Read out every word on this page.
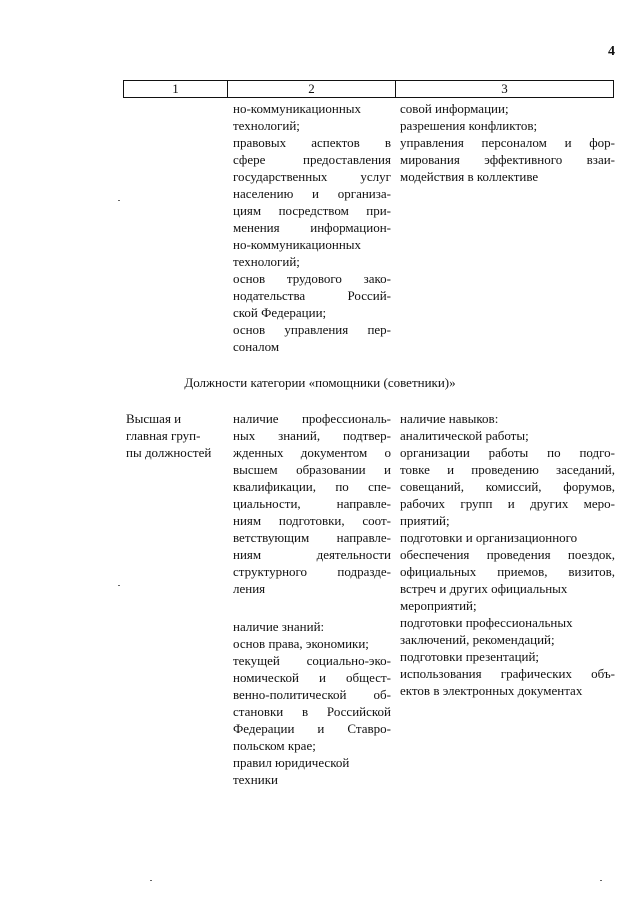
4
1	2	3
но-коммуникационных
технологий;
правовых аспектов в
сфере предоставления
государственных услуг
населению и организа-
циям посредством при-
менения информацион-
но-коммуникационных
технологий;
основ трудового зако-
нодательства Россий-
ской Федерации;
основ управления пер-
соналом
совой информации;
разрешения конфликтов;
управления персоналом и фор-
мирования эффективного взаи-
модействия в коллективе
Должности категории «помощники (советники)»
Высшая и
главная груп-
пы должностей
наличие профессиональ-
ных знаний, подтвер-
жденных документом о
высшем образовании и
квалификации, по спе-
циальности, направле-
ниям подготовки, соот-
ветствующим направле-
ниям деятельности
структурного подразде-
ления
наличие знаний:
основ права, экономики;
текущей социально-эко-
номической и общест-
венно-политической об-
становки в Российской
Федерации и Ставро-
польском крае;
правил юридической
техники
наличие навыков:
аналитической работы;
организации работы по подго-
товке и проведению заседаний,
совещаний, комиссий, форумов,
рабочих групп и других меро-
приятий;
подготовки и организационного
обеспечения проведения поездок,
официальных приемов, визитов,
встреч и других официальных
мероприятий;
подготовки профессиональных
заключений, рекомендаций;
подготовки презентаций;
использования графических объ-
ектов в электронных документах
